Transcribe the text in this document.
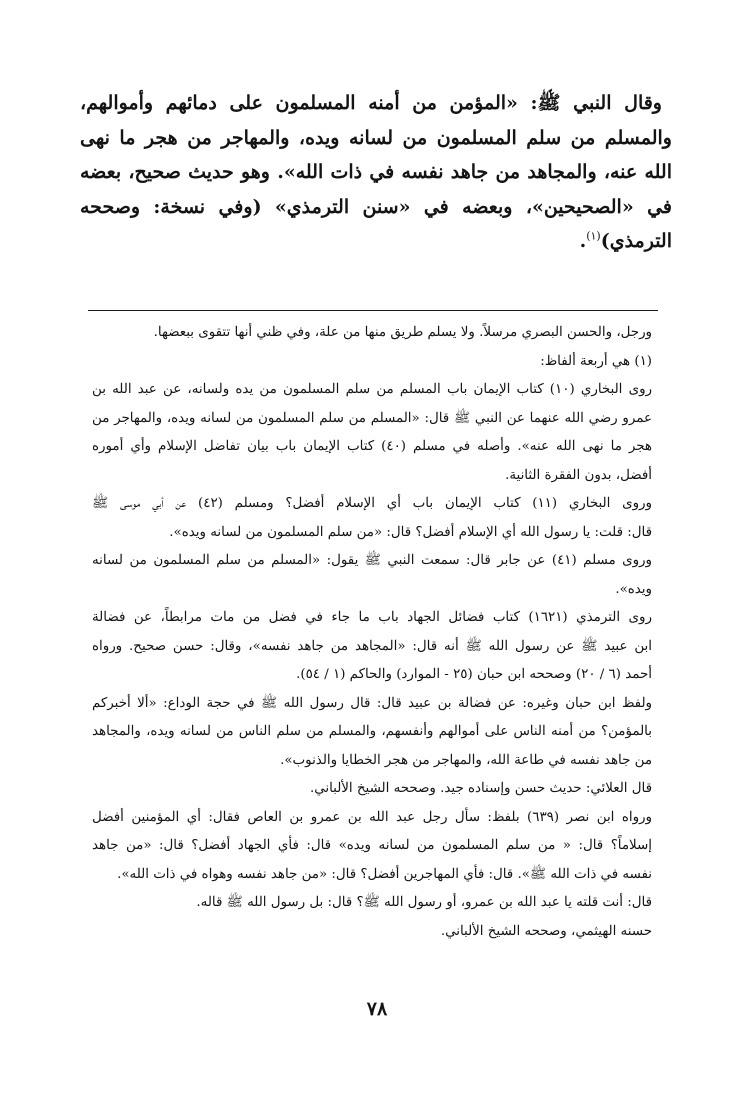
وقال النبي ﷺ: «المؤمن من أمنه المسلمون على دمائهم وأموالهم، والمسلم من سلم المسلمون من لسانه ويده، والمهاجر من هجر ما نهى الله عنه، والمجاهد من جاهد نفسه في ذات الله». وهو حديث صحيح، بعضه في «الصحيحين»، وبعضه في «سنن الترمذي» (وفي نسخة: وصححه الترمذي)$^{(١)}$.

ورجل، والحسن البصري مرسلاً. ولا يسلم طريق منها من علة، وفي ظني أنها تتقوى ببعضها.
(١) هي أربعة ألفاظ:
روى البخاري (١٠) كتاب الإيمان باب المسلم من سلم المسلمون من يده ولسانه، عن عبد الله بن
عمرو رضي الله عنهما عن النبي ﷺ قال: «المسلم من سلم المسلمون من لسانه ويده، والمهاجر من
هجر ما نهى الله عنه». وأصله في مسلم (٤٠) كتاب الإيمان باب بيان تفاضل الإسلام وأي أموره
أفضل، بدون الفقرة الثانية.
وروى البخاري (١١) كتاب الإيمان باب أي الإسلام أفضل؟ ومسلم (٤٢) عن أبي موسى ﷺ
قال: قلت: يا رسول الله أي الإسلام أفضل؟ قال: «من سلم المسلمون من لسانه ويده».
وروى مسلم (٤١) عن جابر قال: سمعت النبي ﷺ يقول: «المسلم من سلم المسلمون من لسانه
ويده».
روى الترمذي (١٦٢١) كتاب فضائل الجهاد باب ما جاء في فضل من مات مرابطاً، عن فضالة
ابن عبيد ﷺ عن رسول الله ﷺ أنه قال: «المجاهد من جاهد نفسه»، وقال: حسن صحيح. ورواه
أحمد (٦ / ٢٠) وصححه ابن حبان (٢٥ - الموارد) والحاكم (١ / ٥٤).
ولفظ ابن حبان وغيره: عن فضالة بن عبيد قال: قال رسول الله ﷺ في حجة الوداع: «ألا أخبركم
بالمؤمن؟ من أمنه الناس على أموالهم وأنفسهم، والمسلم من سلم الناس من لسانه ويده، والمجاهد
من جاهد نفسه في طاعة الله، والمهاجر من هجر الخطايا والذنوب».
قال العلائي: حديث حسن وإسناده جيد. وصححه الشيخ الألباني.
ورواه ابن نصر (٦٣٩) بلفظ: سأل رجل عبد الله بن عمرو بن العاص فقال: أي المؤمنين أفضل
إسلاماً؟ قال: « من سلم المسلمون من لسانه ويده» قال: فأي الجهاد أفضل؟ قال: «من جاهد
نفسه في ذات الله ﷺ». قال: فأي المهاجرين أفضل؟ قال: «من جاهد نفسه وهواه في ذات الله».
قال: أنت قلته يا عبد الله بن عمرو، أو رسول الله ﷺ؟ قال: بل رسول الله ﷺ قاله.
حسنه الهيثمي، وصححه الشيخ الألباني.
٧٨
